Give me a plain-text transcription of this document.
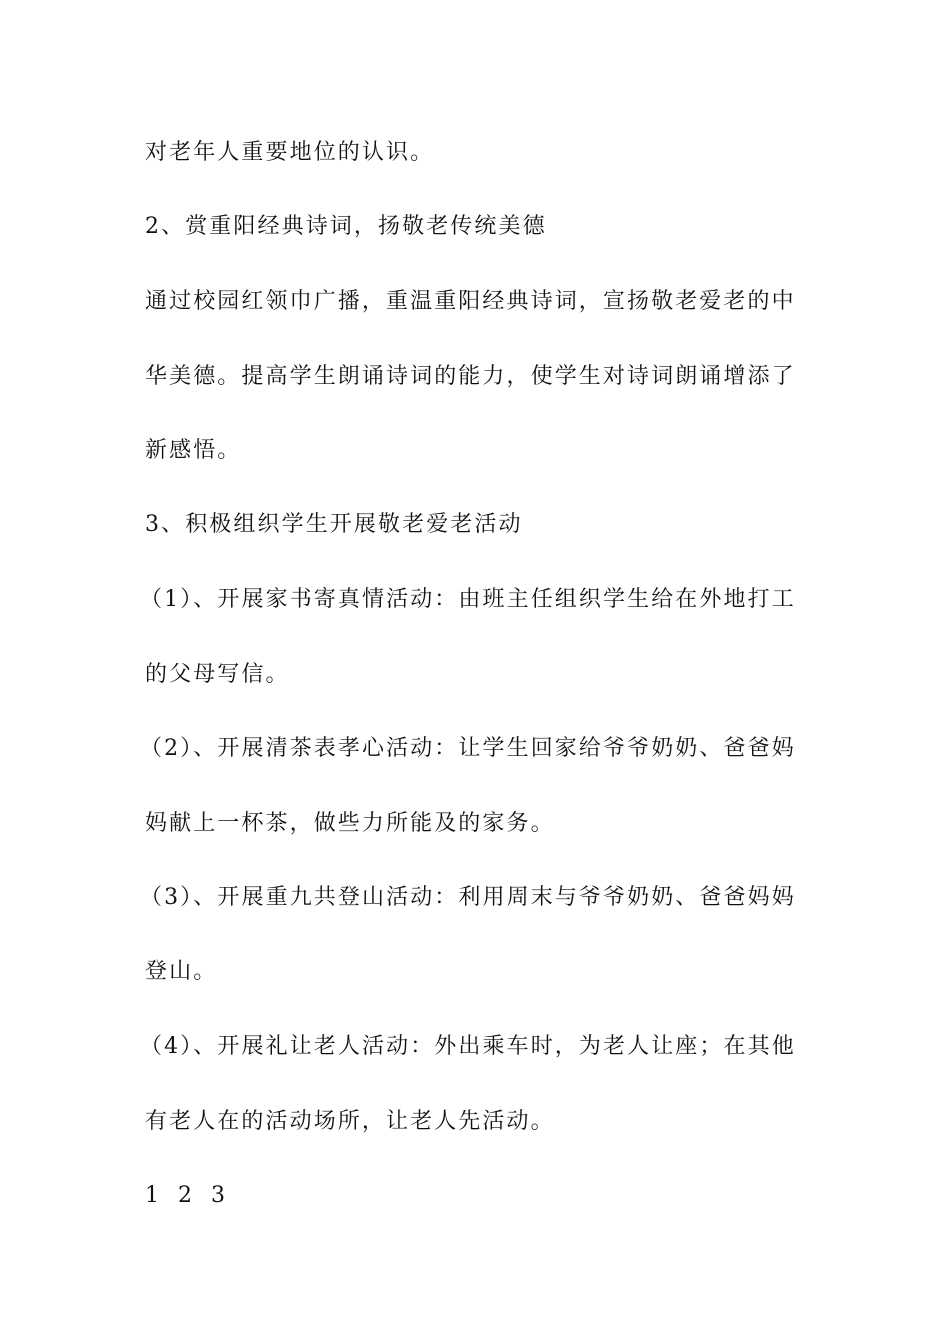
对老年人重要地位的认识。
2、赏重阳经典诗词，扬敬老传统美德
通过校园红领巾广播，重温重阳经典诗词，宣扬敬老爱老的中
华美德。提高学生朗诵诗词的能力，使学生对诗词朗诵增添了
新感悟。
3、积极组织学生开展敬老爱老活动
（1）、开展家书寄真情活动：由班主任组织学生给在外地打工
的父母写信。
（2）、开展清茶表孝心活动：让学生回家给爷爷奶奶、爸爸妈
妈献上一杯茶，做些力所能及的家务。
（3）、开展重九共登山活动：利用周末与爷爷奶奶、爸爸妈妈
登山。
（4）、开展礼让老人活动：外出乘车时，为老人让座；在其他
有老人在的活动场所，让老人先活动。
1 2 3
